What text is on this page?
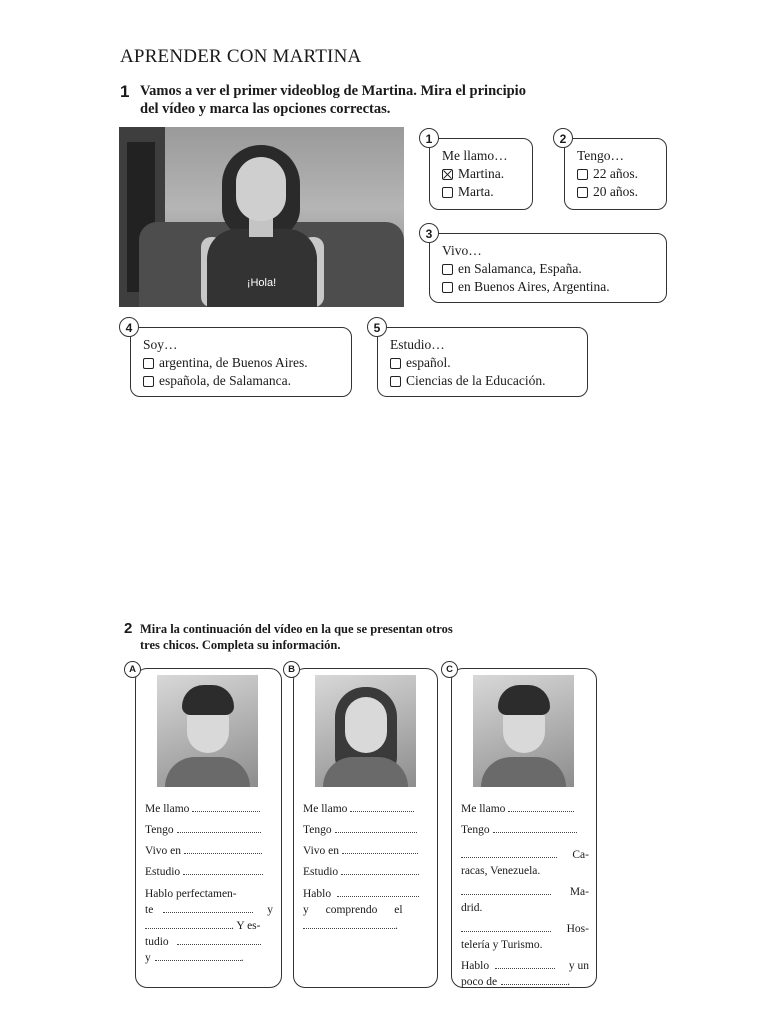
APRENDER CON MARTINA
1 Vamos a ver el primer videoblog de Martina. Mira el principio
del vídeo y marca las opciones correctas.
¡Hola!
Me llamo…
Martina.
Marta.
1
Tengo…
22 años.
20 años.
2
Vivo…
en Salamanca, España.
en Buenos Aires, Argentina.
3
Soy…
argentina, de Buenos Aires.
española, de Salamanca.
4
Estudio…
español.
Ciencias de la Educación.
5
2 Mira la continuación del vídeo en la que se presentan otros
tres chicos. Completa su información.
Me llamo
Tengo
Vivo en
Estudio
Hablo perfectamen-
te	y
. Y es-
tudio
y	.
A
Me llamo
Tengo
Vivo en
Estudio
Hablo
y comprendo el
.
B
Me llamo
Tengo
Ca-
racas, Venezuela.
Ma-
drid.
Hos-
telería y Turismo.
Hablo	y un
poco de	.
C
